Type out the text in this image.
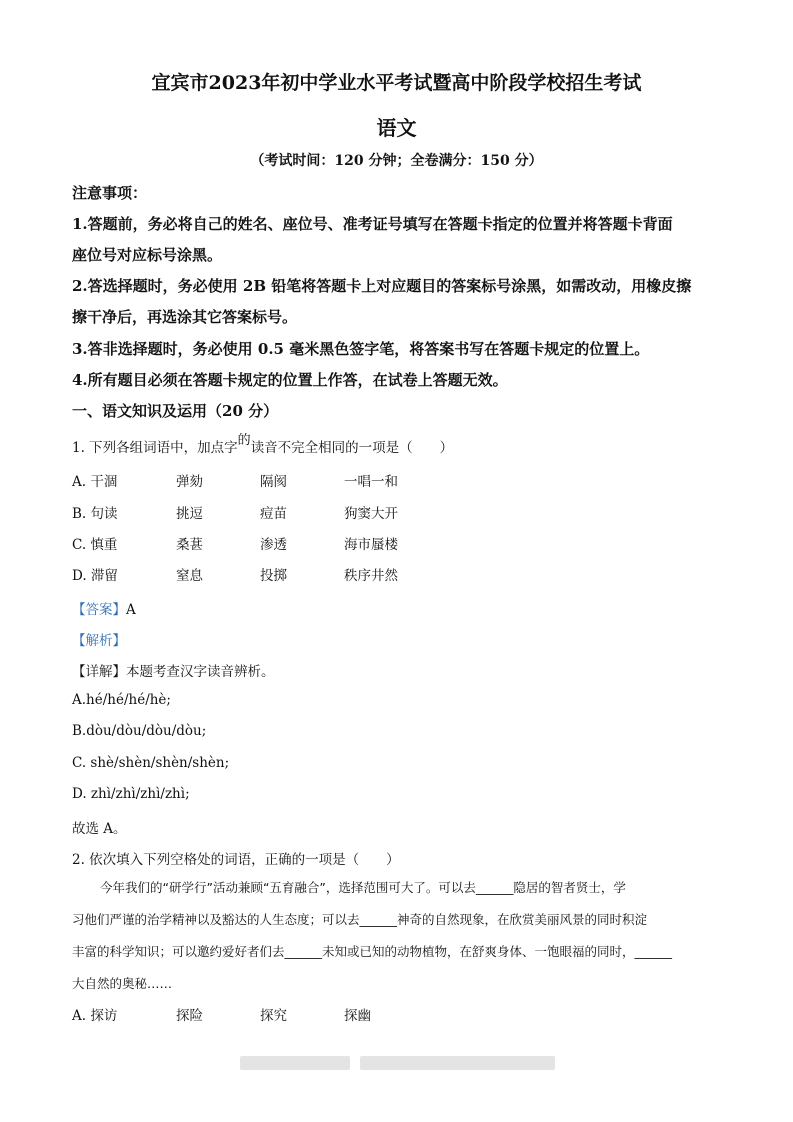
宜宾市2023年初中学业水平考试暨高中阶段学校招生考试
语文
（考试时间：120 分钟；全卷满分：150 分）
注意事项：
1.答题前，务必将自己的姓名、座位号、准考证号填写在答题卡指定的位置并将答题卡背面
座位号对应标号涂黑。
2.答选择题时，务必使用 2B 铅笔将答题卡上对应题目的答案标号涂黑，如需改动，用橡皮擦
擦干净后，再选涂其它答案标号。
3.答非选择题时，务必使用 0.5 毫米黑色签字笔，将答案书写在答题卡规定的位置上。
4.所有题目必须在答题卡规定的位置上作答，在试卷上答题无效。
一、语文知识及运用（20 分）
1. 下列各组词语中，加点字的读音不完全相同的一项是（　　）
A. 干涸	弹劾	隔阂	一唱一和
B. 句读	挑逗	痘苗	狗窦大开
C. 慎重	桑葚	渗透	海市蜃楼
D. 滞留	窒息	投掷	秩序井然
【答案】A
【解析】
【详解】本题考查汉字读音辨析。
A.hé/hé/hé/hè;
B.dòu/dòu/dòu/dòu;
C. shè/shèn/shèn/shèn;
D. zhì/zhì/zhì/zhì;
故选 A。
2. 依次填入下列空格处的词语，正确的一项是（　　）
今年我们的“研学行”活动兼顾“五育融合”，选择范围可大了。可以去______隐居的智者贤士，学
习他们严谨的治学精神以及豁达的人生态度；可以去______神奇的自然现象，在欣赏美丽风景的同时积淀
丰富的科学知识；可以邀约爱好者们去______未知或已知的动物植物，在舒爽身体、一饱眼福的同时，______
大自然的奥秘……
A. 探访	探险	探究	探幽
